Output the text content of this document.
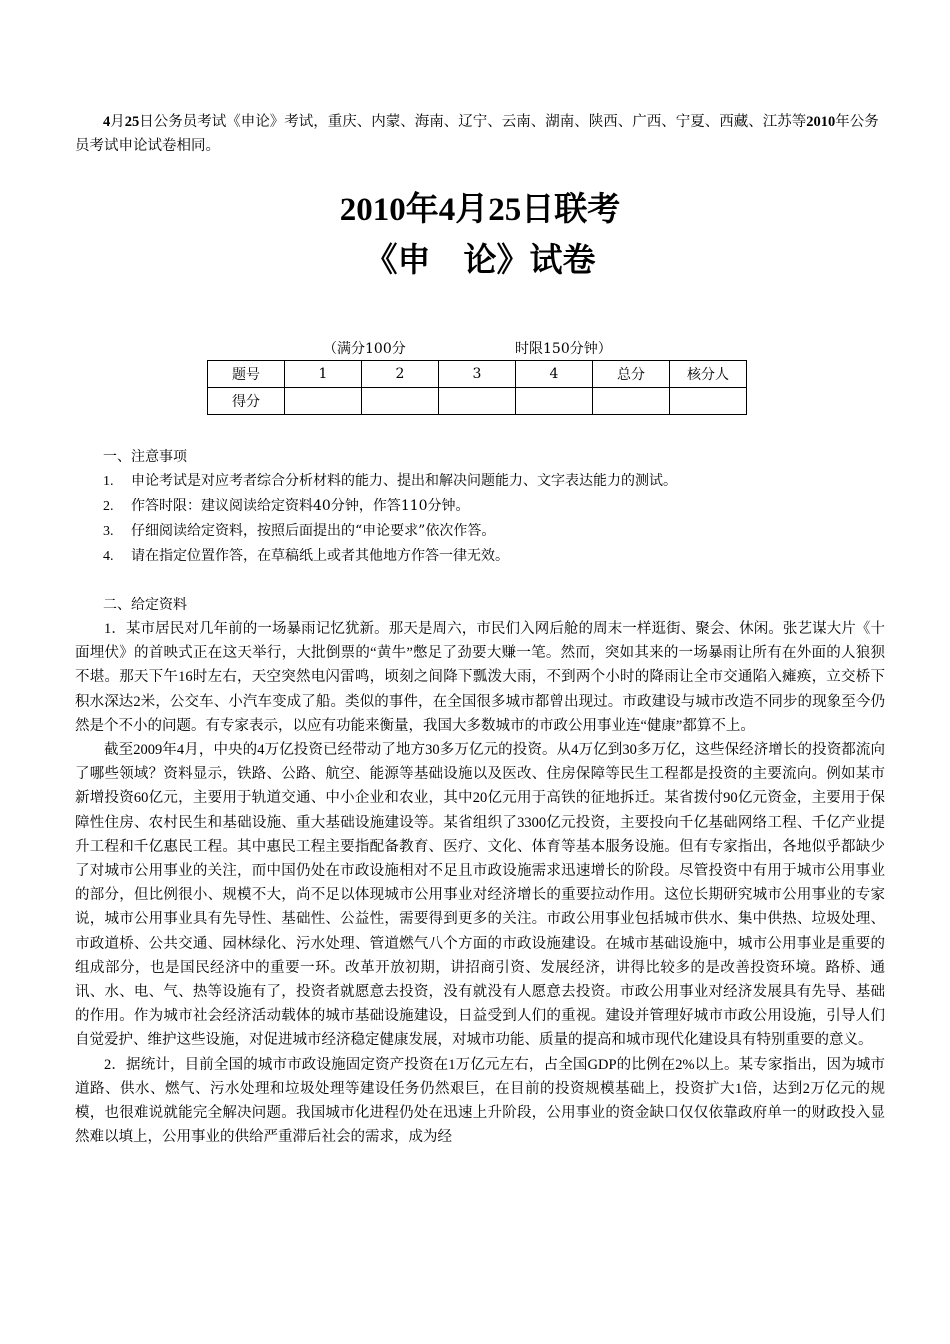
4月25日公务员考试《申论》考试，重庆、内蒙、海南、辽宁、云南、湖南、陕西、广西、宁夏、西藏、江苏等2010年公务员考试申论试卷相同。

2010年4月25日联考
《申　论》试卷
（满分100分	时限150分钟）
题号	1	2	3	4	总分	核分人
得分						
一、注意事项

1. 申论考试是对应考者综合分析材料的能力、提出和解决问题能力、文字表达能力的测试。

2. 作答时限：建议阅读给定资料40分钟，作答110分钟。

3. 仔细阅读给定资料，按照后面提出的“申论要求”依次作答。

4. 请在指定位置作答，在草稿纸上或者其他地方作答一律无效。

二、给定资料

1．某市居民对几年前的一场暴雨记忆犹新。那天是周六，市民们入网后舱的周末一样逛街、聚会、休闲。张艺谋大片《十面埋伏》的首映式正在这天举行，大批倒票的“黄牛”憋足了劲要大赚一笔。然而，突如其来的一场暴雨让所有在外面的人狼狈不堪。那天下午16时左右，天空突然电闪雷鸣，顷刻之间降下瓢泼大雨，不到两个小时的降雨让全市交通陷入瘫痪，立交桥下积水深达2米，公交车、小汽车变成了船。类似的事件，在全国很多城市都曾出现过。市政建设与城市改造不同步的现象至今仍然是个不小的问题。有专家表示，以应有功能来衡量，我国大多数城市的市政公用事业连“健康”都算不上。

截至2009年4月，中央的4万亿投资已经带动了地方30多万亿元的投资。从4万亿到30多万亿，这些保经济增长的投资都流向了哪些领域？资料显示，铁路、公路、航空、能源等基础设施以及医改、住房保障等民生工程都是投资的主要流向。例如某市新增投资60亿元，主要用于轨道交通、中小企业和农业，其中20亿元用于高铁的征地拆迁。某省拨付90亿元资金，主要用于保障性住房、农村民生和基础设施、重大基础设施建设等。某省组织了3300亿元投资，主要投向千亿基础网络工程、千亿产业提升工程和千亿惠民工程。其中惠民工程主要指配备教育、医疗、文化、体育等基本服务设施。但有专家指出，各地似乎都缺少了对城市公用事业的关注，而中国仍处在市政设施相对不足且市政设施需求迅速增长的阶段。尽管投资中有用于城市公用事业的部分，但比例很小、规模不大，尚不足以体现城市公用事业对经济增长的重要拉动作用。这位长期研究城市公用事业的专家说，城市公用事业具有先导性、基础性、公益性，需要得到更多的关注。市政公用事业包括城市供水、集中供热、垃圾处理、市政道桥、公共交通、园林绿化、污水处理、管道燃气八个方面的市政设施建设。在城市基础设施中，城市公用事业是重要的组成部分，也是国民经济中的重要一环。改革开放初期，讲招商引资、发展经济，讲得比较多的是改善投资环境。路桥、通讯、水、电、气、热等设施有了，投资者就愿意去投资，没有就没有人愿意去投资。市政公用事业对经济发展具有先导、基础的作用。作为城市社会经济活动载体的城市基础设施建设，日益受到人们的重视。建设并管理好城市市政公用设施，引导人们自觉爱护、维护这些设施，对促进城市经济稳定健康发展，对城市功能、质量的提高和城市现代化建设具有特别重要的意义。

2．据统计，目前全国的城市市政设施固定资产投资在1万亿元左右，占全国GDP的比例在2%以上。某专家指出，因为城市道路、供水、燃气、污水处理和垃圾处理等建设任务仍然艰巨，在目前的投资规模基础上，投资扩大1倍，达到2万亿元的规模，也很难说就能完全解决问题。我国城市化进程仍处在迅速上升阶段，公用事业的资金缺口仅仅依靠政府单一的财政投入显然难以填上，公用事业的供给严重滞后社会的需求，成为经
